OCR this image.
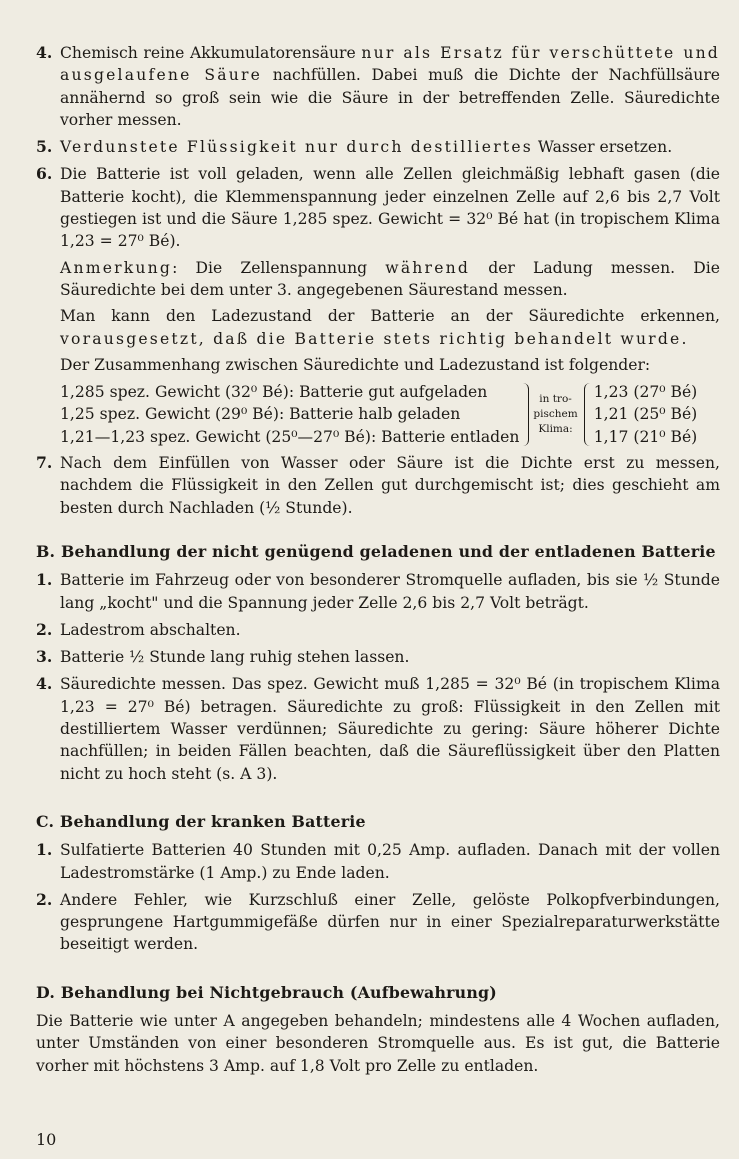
4. Chemisch reine Akkumulatorensäure nur als Ersatz für verschüttete und ausgelaufene Säure nachfüllen. Dabei muß die Dichte der Nachfüllsäure annähernd so groß sein wie die Säure in der betreffenden Zelle. Säuredichte vorher messen.
5. Verdunstete Flüssigkeit nur durch destilliertes Wasser ersetzen.
6. Die Batterie ist voll geladen, wenn alle Zellen gleichmäßig lebhaft gasen (die Batterie kocht), die Klemmenspannung jeder einzelnen Zelle auf 2,6 bis 2,7 Volt gestiegen ist und die Säure 1,285 spez. Gewicht = 32⁰ Bé hat (in tropischem Klima 1,23 = 27⁰ Bé).
Anmerkung: Die Zellenspannung während der Ladung messen. Die Säuredichte bei dem unter 3. angegebenen Säurestand messen.
Man kann den Ladezustand der Batterie an der Säuredichte erkennen, vorausgesetzt, daß die Batterie stets richtig behandelt wurde.
Der Zusammenhang zwischen Säuredichte und Ladezustand ist folgender:
1,285 spez. Gewicht (32⁰ Bé): Batterie gut aufgeladen
1,25 spez. Gewicht (29⁰ Bé): Batterie halb geladen
1,21—1,23 spez. Gewicht (25⁰—27⁰ Bé): Batterie entladen
in tro-
pischem
Klima:
1,23 (27⁰ Bé)
1,21 (25⁰ Bé)
1,17 (21⁰ Bé)
7. Nach dem Einfüllen von Wasser oder Säure ist die Dichte erst zu messen, nachdem die Flüssigkeit in den Zellen gut durchgemischt ist; dies geschieht am besten durch Nachladen (½ Stunde).
B. Behandlung der nicht genügend geladenen und der entladenen Batterie
1. Batterie im Fahrzeug oder von besonderer Stromquelle aufladen, bis sie ½ Stunde lang „kocht" und die Spannung jeder Zelle 2,6 bis 2,7 Volt beträgt.
2. Ladestrom abschalten.
3. Batterie ½ Stunde lang ruhig stehen lassen.
4. Säuredichte messen. Das spez. Gewicht muß 1,285 = 32⁰ Bé (in tropischem Klima 1,23 = 27⁰ Bé) betragen. Säuredichte zu groß: Flüssigkeit in den Zellen mit destilliertem Wasser verdünnen; Säuredichte zu gering: Säure höherer Dichte nachfüllen; in beiden Fällen beachten, daß die Säureflüssigkeit über den Platten nicht zu hoch steht (s. A 3).
C. Behandlung der kranken Batterie
1. Sulfatierte Batterien 40 Stunden mit 0,25 Amp. aufladen. Danach mit der vollen Ladestromstärke (1 Amp.) zu Ende laden.
2. Andere Fehler, wie Kurzschluß einer Zelle, gelöste Polkopfverbindungen, gesprungene Hartgummigefäße dürfen nur in einer Spezialreparaturwerkstätte beseitigt werden.
D. Behandlung bei Nichtgebrauch (Aufbewahrung)
Die Batterie wie unter A angegeben behandeln; mindestens alle 4 Wochen aufladen, unter Umständen von einer besonderen Stromquelle aus. Es ist gut, die Batterie vorher mit höchstens 3 Amp. auf 1,8 Volt pro Zelle zu entladen.
10
